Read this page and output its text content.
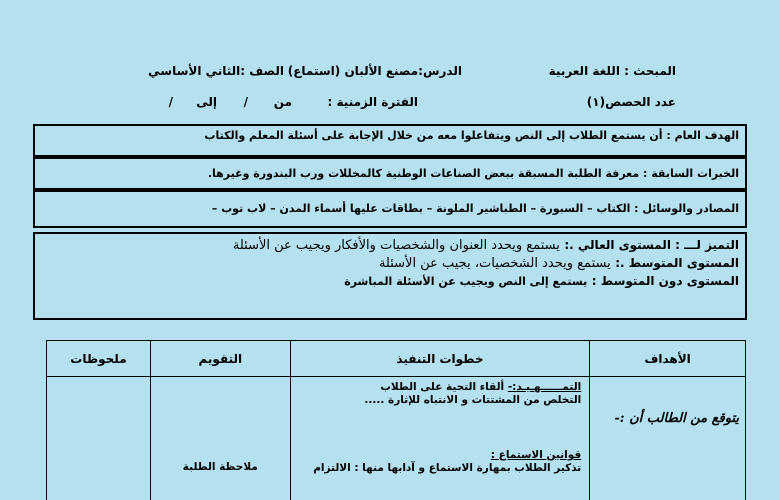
المبحث : اللغة العربية
الدرس:مصنع الألبان (استماع)
الصف :الثاني الأساسي
عدد الحصص(١)
الفترة الزمنية :
من
/
إلى
/
الهدف العام : أن يستمع الطلاب إلى النص ويتفاعلوا معه من خلال الإجابة على أسئلة المعلم والكتاب
الخبرات السابقة : معرفة الطلبة المسبقة ببعض الصناعات الوطنية كالمخللات ورب البندورة وغيرها.
المصادر والوسائل : الكتاب – السبورة – الطباشير الملونة – بطاقات عليها أسماء المدن – لاب توب –
التميز لـــ : المستوى العالي .: يستمع ويحدد العنوان والشخصيات والأفكار ويجيب عن الأسئلة
المستوى المتوسط .: يستمع ويحدد الشخصيات، يجيب عن الأسئلة
المستوى دون المتوسط : يستمع إلى النص ويجيب عن الأسئلة المباشرة
الأهداف	خطوات التنفيذ	التقويم	ملحوظات

يتوقع من الطالب أن :-	التمــــــهـيـد:- ألقاء التحية على الطلاب
التخلص من المشتتات و الانتباه للإثارة .....
قوانين الاستماع :
تذكير الطلاب بمهارة الاستماع و آدابها منها : الالتزام	ملاحظة الطلبة	
